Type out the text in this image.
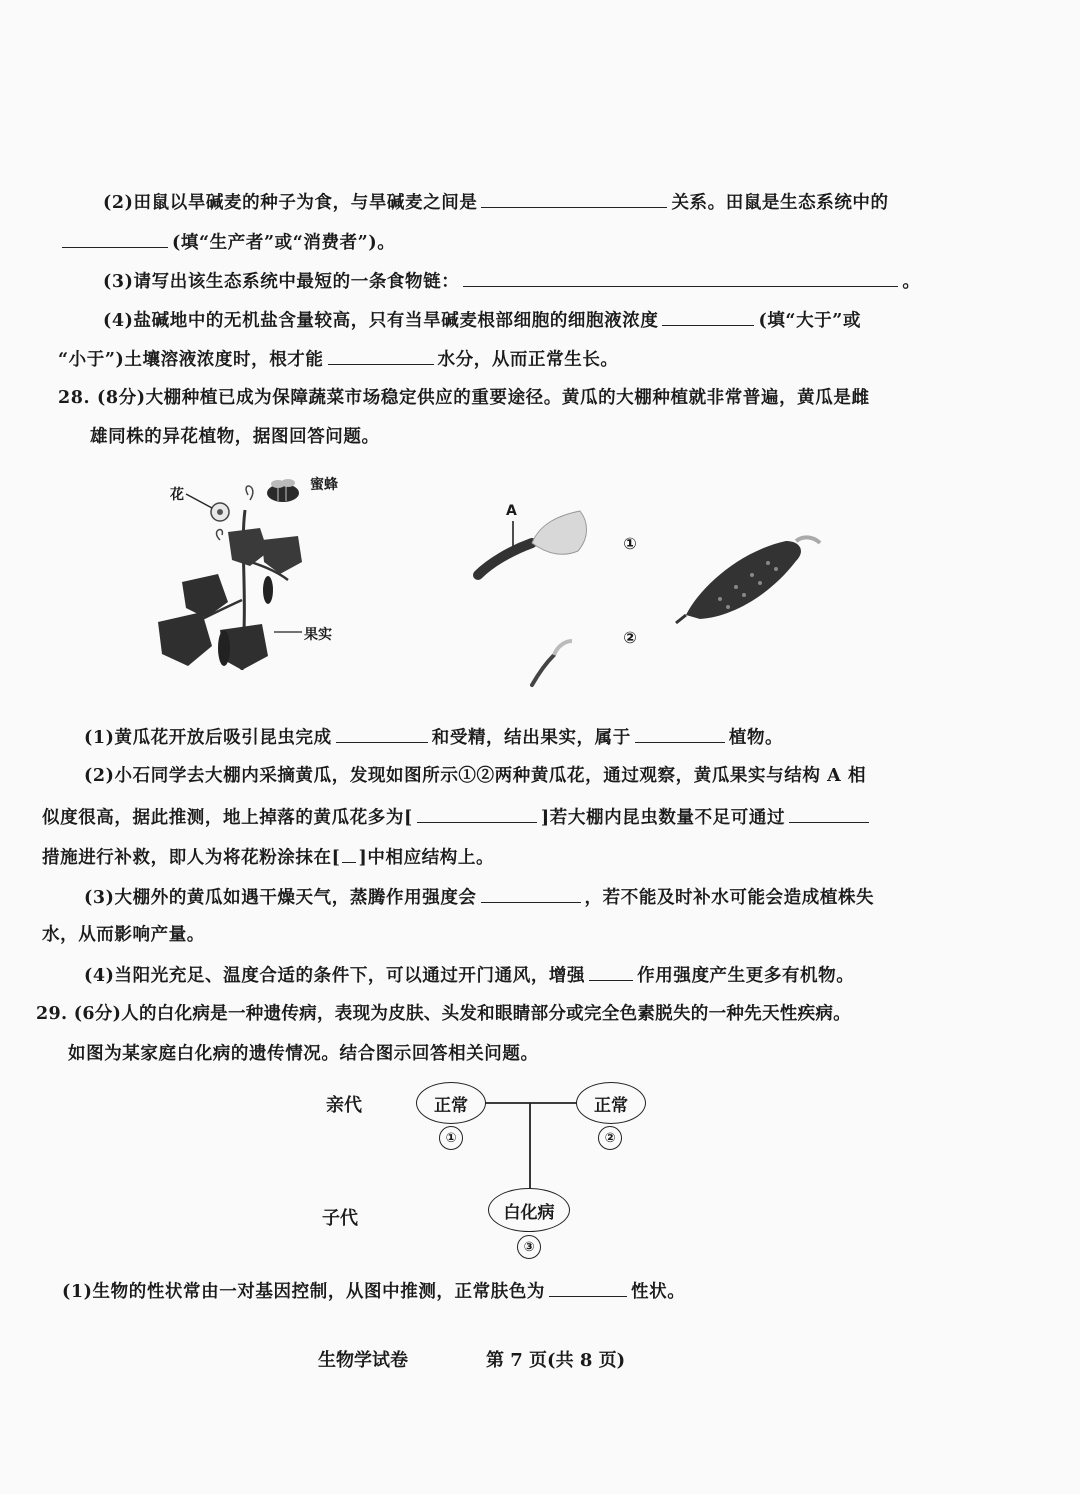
(2)田鼠以旱碱麦的种子为食，与旱碱麦之间是	关系。田鼠是生态系统中的
(填“生产者”或“消费者”)。
(3)请写出该生态系统中最短的一条食物链：	。
(4)盐碱地中的无机盐含量较高，只有当旱碱麦根部细胞的细胞液浓度	(填“大于”或
“小于”)土壤溶液浓度时，根才能	水分，从而正常生长。
28. (8分)大棚种植已成为保障蔬菜市场稳定供应的重要途径。黄瓜的大棚种植就非常普遍，黄瓜是雌
雄同株的异花植物，据图回答问题。
花
蜜蜂
果实
A
①
②
(1)黄瓜花开放后吸引昆虫完成	和受精，结出果实，属于	植物。
(2)小石同学去大棚内采摘黄瓜，发现如图所示①②两种黄瓜花，通过观察，黄瓜果实与结构 A 相
似度很高，据此推测，地上掉落的黄瓜花多为[	]若大棚内昆虫数量不足可通过
措施进行补救，即人为将花粉涂抹在[ ]中相应结构上。
(3)大棚外的黄瓜如遇干燥天气，蒸腾作用强度会	，若不能及时补水可能会造成植株失
水，从而影响产量。
(4)当阳光充足、温度合适的条件下，可以通过开门通风，增强	作用强度产生更多有机物。
29. (6分)人的白化病是一种遗传病，表现为皮肤、头发和眼睛部分或完全色素脱失的一种先天性疾病。
如图为某家庭白化病的遗传情况。结合图示回答相关问题。
亲代	正常
①
正常
②
子代	白化病
③
(1)生物的性状常由一对基因控制，从图中推测，正常肤色为	性状。
生物学试卷	第 7 页(共 8 页)
